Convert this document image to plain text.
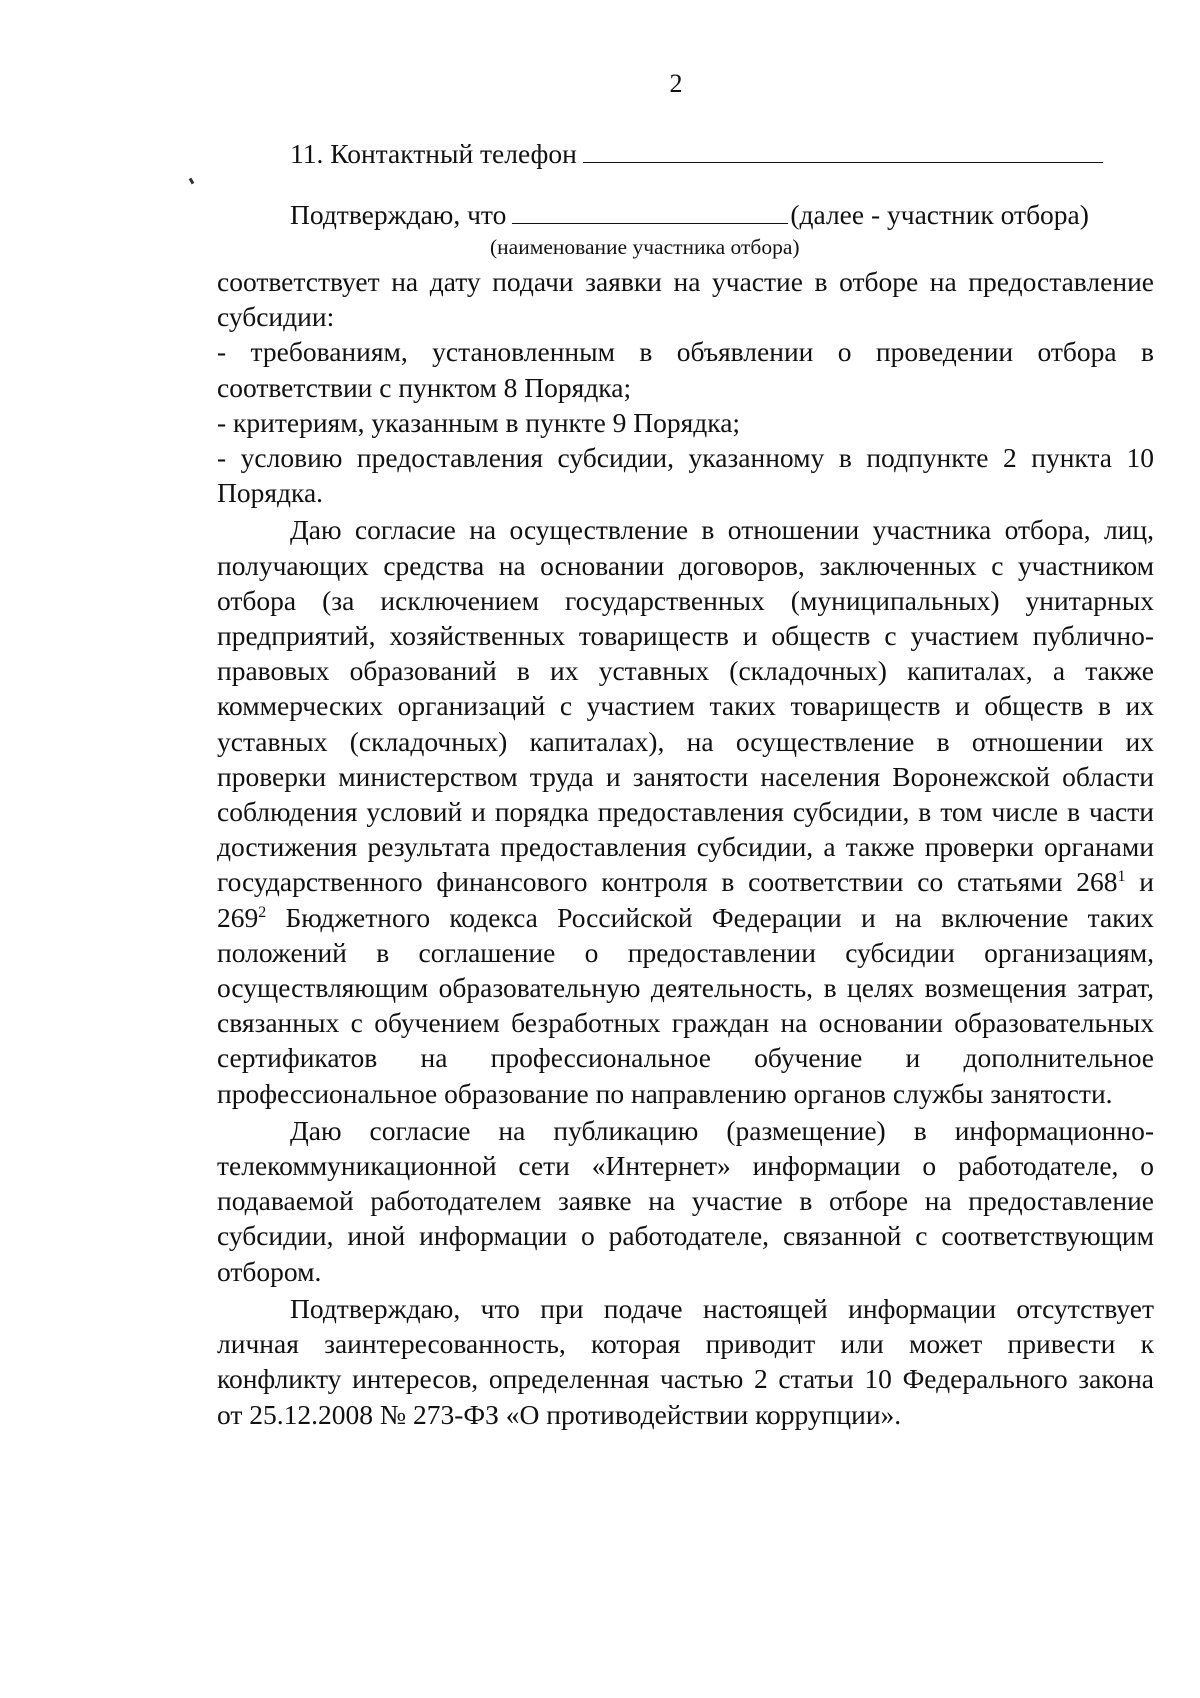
2
11. Контактный телефон
Подтверждаю, что	(далее - участник отбора)
(наименование участника отбора)

соответствует на дату подачи заявки на участие в отборе на предоставление субсидии:

- требованиям, установленным в объявлении о проведении отбора в соответствии с пунктом 8 Порядка;

- критериям, указанным в пункте 9 Порядка;

- условию предоставления субсидии, указанному в подпункте 2 пункта 10 Порядка.

Даю согласие на осуществление в отношении участника отбора, лиц, получающих средства на основании договоров, заключенных с участником отбора (за исключением государственных (муниципальных) унитарных предприятий, хозяйственных товариществ и обществ с участием публично-правовых образований в их уставных (складочных) капиталах, а также коммерческих организаций с участием таких товариществ и обществ в их уставных (складочных) капиталах), на осуществление в отношении их проверки министерством труда и занятости населения Воронежской области соблюдения условий и порядка предоставления субсидии, в том числе в части достижения результата предоставления субсидии, а также проверки органами государственного финансового контроля в соответствии со статьями $268^1$ и $269^2$ Бюджетного кодекса Российской Федерации и на включение таких положений в соглашение о предоставлении субсидии организациям, осуществляющим образовательную деятельность, в целях возмещения затрат, связанных с обучением безработных граждан на основании образовательных сертификатов на профессиональное обучение и дополнительное профессиональное образование по направлению органов службы занятости.

Даю согласие на публикацию (размещение) в информационно-телекоммуникационной сети «Интернет» информации о работодателе, о подаваемой работодателем заявке на участие в отборе на предоставление субсидии, иной информации о работодателе, связанной с соответствующим отбором.

Подтверждаю, что при подаче настоящей информации отсутствует личная заинтересованность, которая приводит или может привести к конфликту интересов, определенная частью 2 статьи 10 Федерального закона от 25.12.2008 № 273-ФЗ «О противодействии коррупции».
